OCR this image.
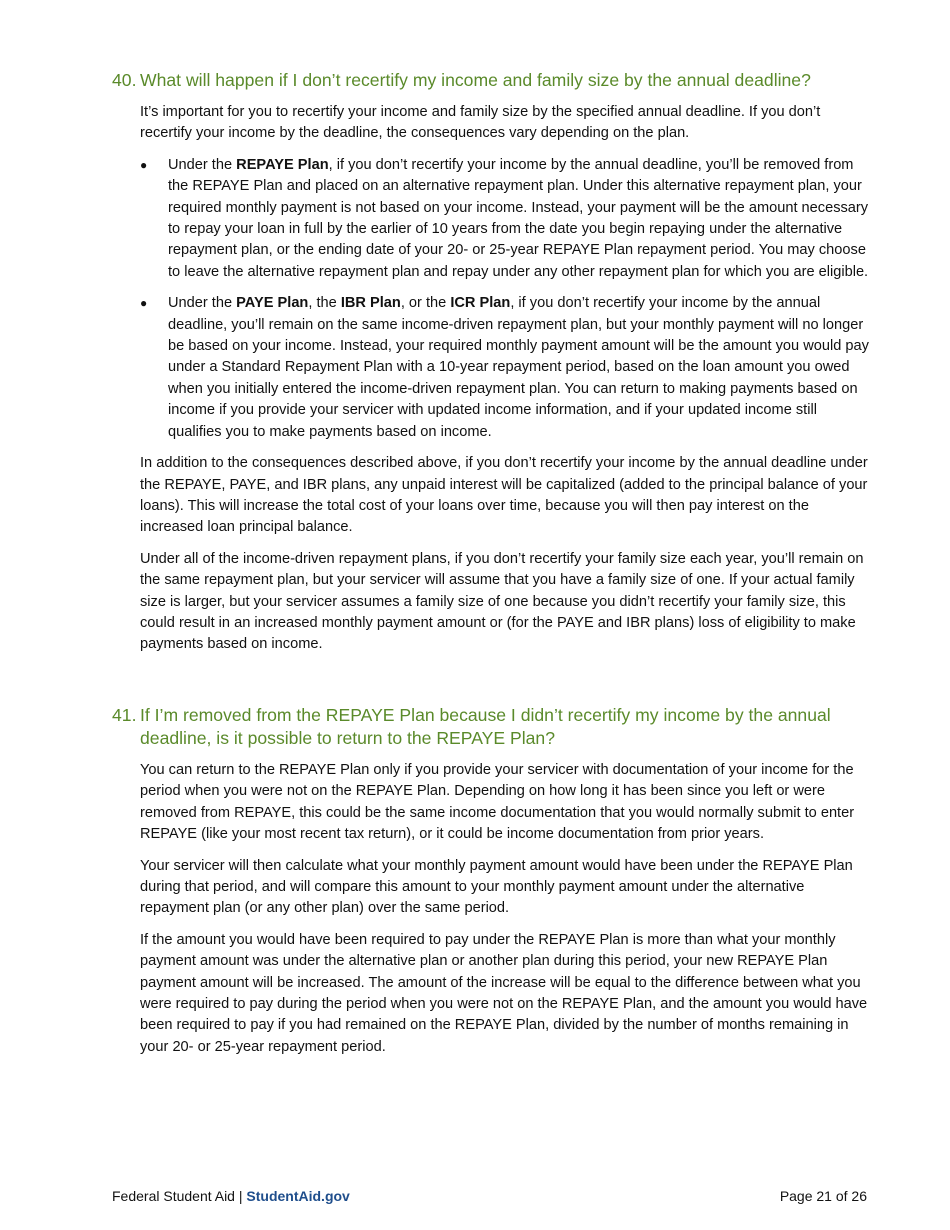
40. What will happen if I don’t recertify my income and family size by the annual deadline?

It’s important for you to recertify your income and family size by the specified annual deadline. If you don’t recertify your income by the deadline, the consequences vary depending on the plan.

●	Under the REPAYE Plan, if you don’t recertify your income by the annual deadline, you’ll be removed from the REPAYE Plan and placed on an alternative repayment plan. Under this alternative repayment plan, your required monthly payment is not based on your income. Instead, your payment will be the amount necessary to repay your loan in full by the earlier of 10 years from the date you begin repaying under the alternative repayment plan, or the ending date of your 20- or 25-year REPAYE Plan repayment period. You may choose to leave the alternative repayment plan and repay under any other repayment plan for which you are eligible.
●	Under the PAYE Plan, the IBR Plan, or the ICR Plan, if you don’t recertify your income by the annual deadline, you’ll remain on the same income-driven repayment plan, but your monthly payment will no longer be based on your income. Instead, your required monthly payment amount will be the amount you would pay under a Standard Repayment Plan with a 10-year repayment period, based on the loan amount you owed when you initially entered the income-driven repayment plan. You can return to making payments based on income if you provide your servicer with updated income information, and if your updated income still qualifies you to make payments based on income.

In addition to the consequences described above, if you don’t recertify your income by the annual deadline under the REPAYE, PAYE, and IBR plans, any unpaid interest will be capitalized (added to the principal balance of your loans). This will increase the total cost of your loans over time, because you will then pay interest on the increased loan principal balance.

Under all of the income-driven repayment plans, if you don’t recertify your family size each year, you’ll remain on the same repayment plan, but your servicer will assume that you have a family size of one. If your actual family size is larger, but your servicer assumes a family size of one because you didn’t recertify your family size, this could result in an increased monthly payment amount or (for the PAYE and IBR plans) loss of eligibility to make payments based on income.

41. If I’m removed from the REPAYE Plan because I didn’t recertify my income by the annual deadline, is it possible to return to the REPAYE Plan?

You can return to the REPAYE Plan only if you provide your servicer with documentation of your income for the period when you were not on the REPAYE Plan. Depending on how long it has been since you left or were removed from REPAYE, this could be the same income documentation that you would normally submit to enter REPAYE (like your most recent tax return), or it could be income documentation from prior years.

Your servicer will then calculate what your monthly payment amount would have been under the REPAYE Plan during that period, and will compare this amount to your monthly payment amount under the alternative repayment plan (or any other plan) over the same period.

If the amount you would have been required to pay under the REPAYE Plan is more than what your monthly payment amount was under the alternative plan or another plan during this period, your new REPAYE Plan payment amount will be increased. The amount of the increase will be equal to the difference between what you were required to pay during the period when you were not on the REPAYE Plan, and the amount you would have been required to pay if you had remained on the REPAYE Plan, divided by the number of months remaining in your 20- or 25-year repayment period.

Federal Student Aid | StudentAid.gov	Page 21 of 26
